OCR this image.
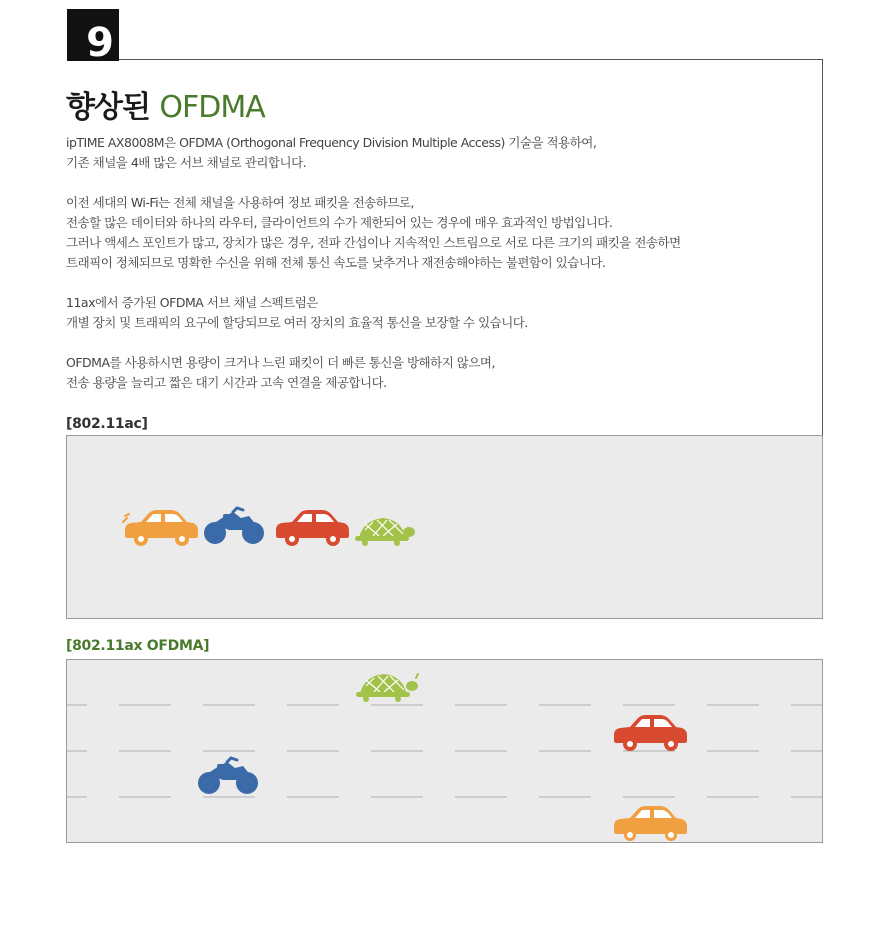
9
향상된 OFDMA

ipTIME AX8008M은 OFDMA (Orthogonal Frequency Division Multiple Access) 기술을 적용하여,
기존 채널을 4배 많은 서브 채널로 관리합니다.

이전 세대의 Wi-Fi는 전체 채널을 사용하여 정보 패킷을 전송하므로,
전송할 많은 데이터와 하나의 라우터, 클라이언트의 수가 제한되어 있는 경우에 매우 효과적인 방법입니다.
그러나 액세스 포인트가 많고, 장치가 많은 경우, 전파 간섭이나 지속적인 스트림으로 서로 다른 크기의 패킷을 전송하면
트래픽이 정체되므로 명확한 수신을 위해 전체 통신 속도를 낮추거나 재전송해야하는 불편함이 있습니다.

11ax에서 증가된 OFDMA 서브 채널 스펙트럼은
개별 장치 및 트래픽의 요구에 할당되므로 여러 장치의 효율적 통신을 보장할 수 있습니다.

OFDMA를 사용하시면 용량이 크거나 느린 패킷이 더 빠른 통신을 방해하지 않으며,
전송 용량을 늘리고 짧은 대기 시간과 고속 연결을 제공합니다.

[802.11ac]
[802.11ax OFDMA]
